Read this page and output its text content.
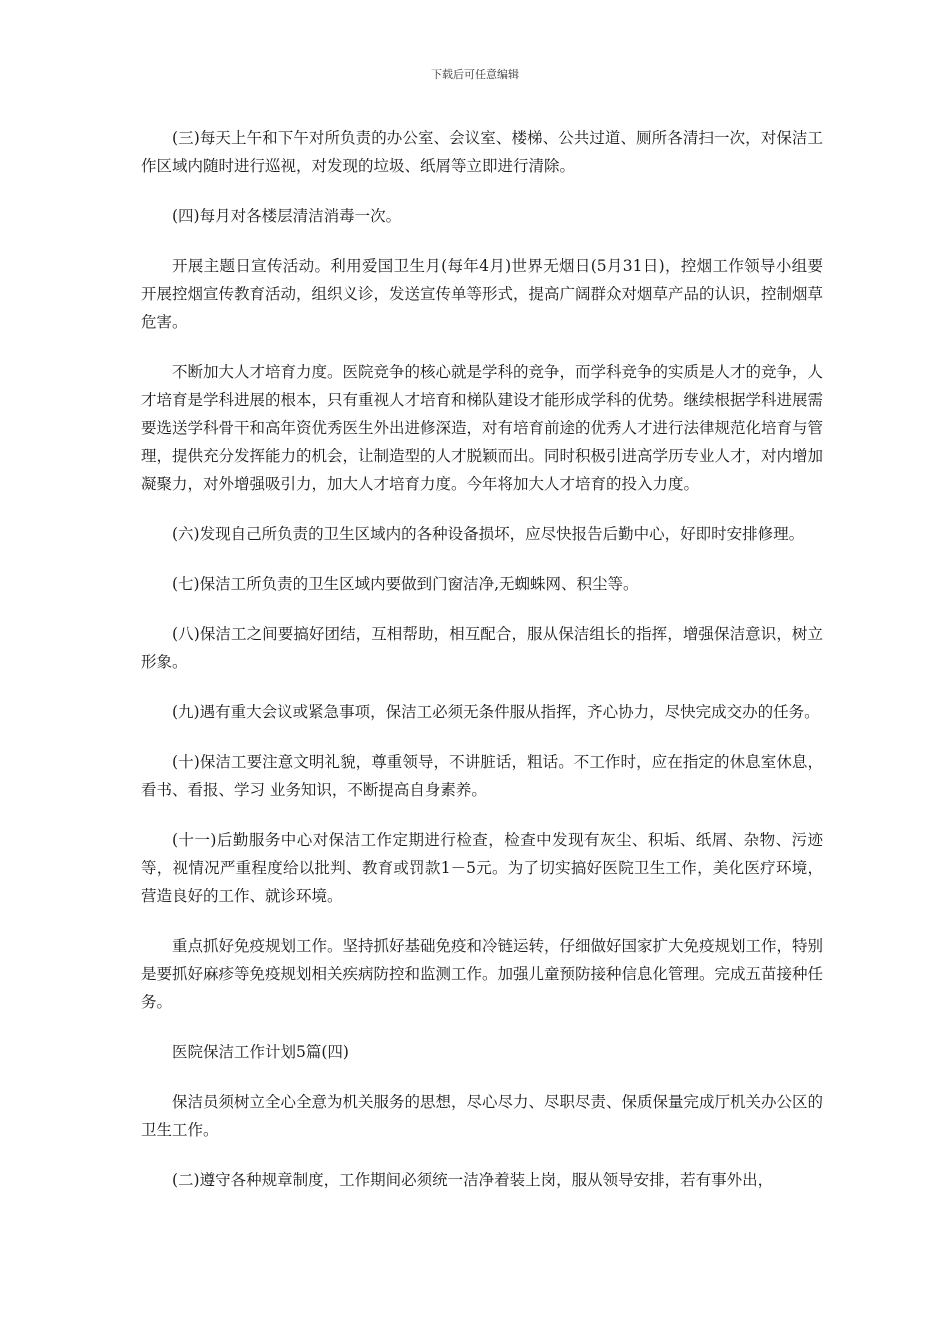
下载后可任意编辑

(三)每天上午和下午对所负责的办公室、会议室、楼梯、公共过道、厕所各清扫一次，对保洁工作区域内随时进行巡视，对发现的垃圾、纸屑等立即进行清除。

(四)每月对各楼层清洁消毒一次。

开展主题日宣传活动。利用爱国卫生月(每年4月)世界无烟日(5月31日)，控烟工作领导小组要开展控烟宣传教育活动，组织义诊，发送宣传单等形式，提高广阔群众对烟草产品的认识，控制烟草危害。

不断加大人才培育力度。医院竞争的核心就是学科的竞争，而学科竞争的实质是人才的竞争，人才培育是学科进展的根本，只有重视人才培育和梯队建设才能形成学科的优势。继续根据学科进展需要选送学科骨干和高年资优秀医生外出进修深造，对有培育前途的优秀人才进行法律规范化培育与管理，提供充分发挥能力的机会，让制造型的人才脱颖而出。同时积极引进高学历专业人才，对内增加凝聚力，对外增强吸引力，加大人才培育力度。今年将加大人才培育的投入力度。

(六)发现自己所负责的卫生区域内的各种设备损坏，应尽快报告后勤中心，好即时安排修理。

(七)保洁工所负责的卫生区域内要做到门窗洁净,无蜘蛛网、积尘等。

(八)保洁工之间要搞好团结，互相帮助，相互配合，服从保洁组长的指挥，增强保洁意识，树立形象。

(九)遇有重大会议或紧急事项，保洁工必须无条件服从指挥，齐心协力，尽快完成交办的任务。

(十)保洁工要注意文明礼貌，尊重领导，不讲脏话，粗话。不工作时，应在指定的休息室休息，看书、看报、学习 业务知识，不断提高自身素养。

(十一)后勤服务中心对保洁工作定期进行检查，检查中发现有灰尘、积垢、纸屑、杂物、污迹等，视情况严重程度给以批判、教育或罚款1－5元。为了切实搞好医院卫生工作，美化医疗环境，营造良好的工作、就诊环境。

重点抓好免疫规划工作。坚持抓好基础免疫和冷链运转，仔细做好国家扩大免疫规划工作，特别是要抓好麻疹等免疫规划相关疾病防控和监测工作。加强儿童预防接种信息化管理。完成五苗接种任务。

医院保洁工作计划5篇(四)

保洁员须树立全心全意为机关服务的思想，尽心尽力、尽职尽责、保质保量完成厅机关办公区的卫生工作。

(二)遵守各种规章制度，工作期间必须统一洁净着装上岗，服从领导安排，若有事外出，
